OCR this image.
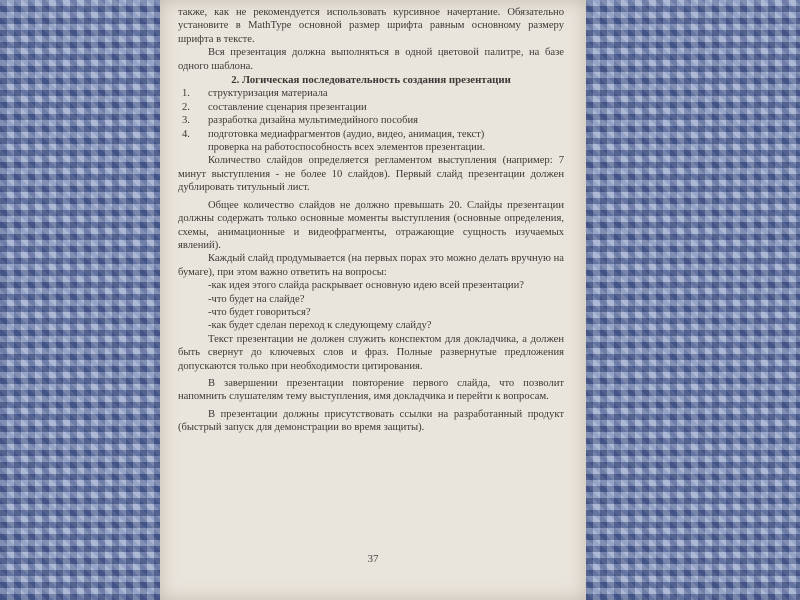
также, как не рекомендуется использовать курсивное начертание. Обязательно установите в MathType основной размер шрифта равным основному размеру шрифта в тексте.

Вся презентация должна выполняться в одной цветовой палитре, на базе одного шаблона.

2. Логическая последовательность создания презентации

1.	структуризация материала
2.	составление сценария презентации
3.	разработка дизайна мультимедийного пособия
4.	подготовка медиафрагментов (аудио, видео, анимация, текст)

проверка на работоспособность всех элементов презентации.

Количество слайдов определяется регламентом выступления (например: 7 минут выступления - не более 10 слайдов). Первый слайд презентации должен дублировать титульный лист.

Общее количество слайдов не должно превышать 20. Слайды презентации должны содержать только основные моменты выступления (основные определения, схемы, анимационные и видеофрагменты, отражающие сущность изучаемых явлений).

Каждый слайд продумывается (на первых порах это можно делать вручную на бумаге), при этом важно ответить на вопросы:

-как идея этого слайда раскрывает основную идею всей презентации?

-что будет на слайде?

-что будет говориться?

-как будет сделан переход к следующему слайду?

Текст презентации не должен служить конспектом для докладчика, а должен быть свернут до ключевых слов и фраз. Полные развернутые предложения допускаются только при необходимости цитирования.

В завершении презентации повторение первого слайда, что позволит напомнить слушателям тему выступления, имя докладчика и перейти к вопросам.

В презентации должны присутствовать ссылки на разработанный продукт (быстрый запуск для демонстрации во время защиты).

37
